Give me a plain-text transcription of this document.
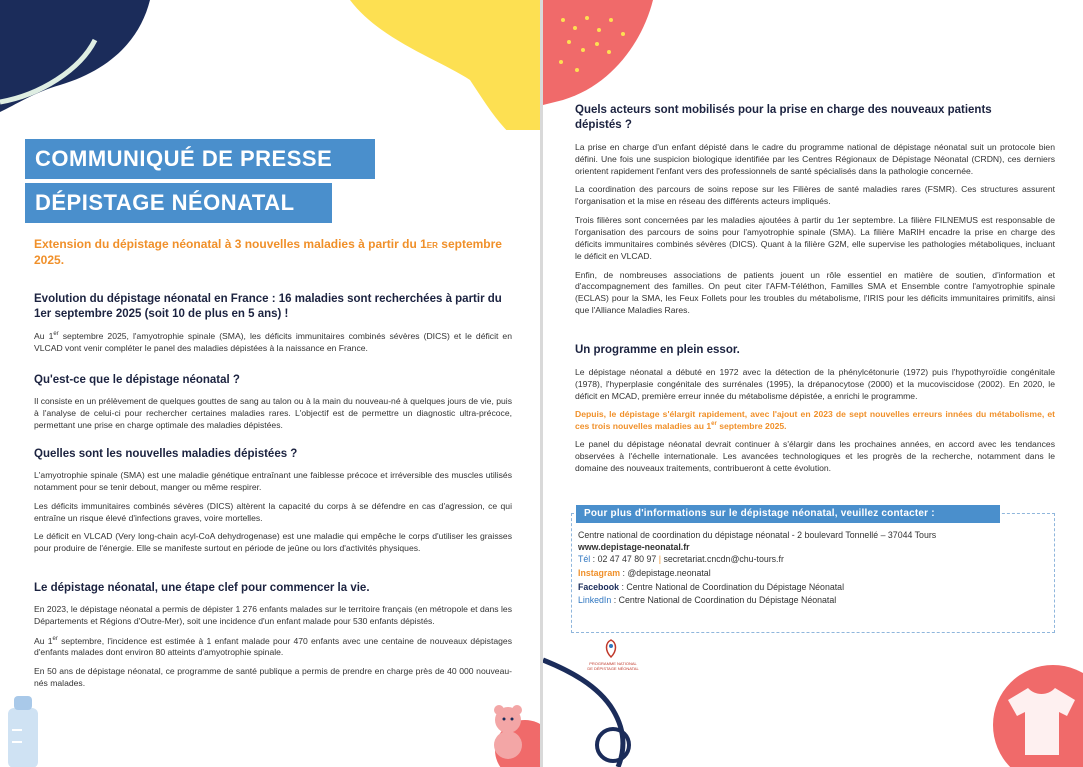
COMMUNIQUÉ DE PRESSE
DÉPISTAGE NÉONATAL
Extension du dépistage néonatal à 3 nouvelles maladies à partir du 1ER septembre 2025.
Evolution du dépistage néonatal en France : 16 maladies sont recherchées à partir du 1er septembre 2025 (soit 10 de plus en 5 ans) !

Au 1er septembre 2025, l'amyotrophie spinale (SMA), les déficits immunitaires combinés sévères (DICS) et le déficit en VLCAD vont venir compléter le panel des maladies dépistées à la naissance en France.

Qu'est-ce que le dépistage néonatal ?

Il consiste en un prélèvement de quelques gouttes de sang au talon ou à la main du nouveau-né à quelques jours de vie, puis à l'analyse de celui-ci pour rechercher certaines maladies rares. L'objectif est de permettre un diagnostic ultra-précoce, permettant une prise en charge optimale des maladies dépistées.

Quelles sont les nouvelles maladies dépistées ?

L'amyotrophie spinale (SMA) est une maladie génétique entraînant une faiblesse précoce et irréversible des muscles utilisés notamment pour se tenir debout, manger ou même respirer.

Les déficits immunitaires combinés sévères (DICS) altèrent la capacité du corps à se défendre en cas d'agression, ce qui entraîne un risque élevé d'infections graves, voire mortelles.

Le déficit en VLCAD (Very long-chain acyl-CoA dehydrogenase) est une maladie qui empêche le corps d'utiliser les graisses pour produire de l'énergie. Elle se manifeste surtout en période de jeûne ou lors d'activités physiques.

Le dépistage néonatal, une étape clef pour commencer la vie.

En 2023, le dépistage néonatal a permis de dépister 1 276 enfants malades sur le territoire français (en métropole et dans les Départements et Régions d'Outre-Mer), soit une incidence d'un enfant malade pour 530 enfants dépistés.

Au 1er septembre, l'incidence est estimée à 1 enfant malade pour 470 enfants avec une centaine de nouveaux dépistages d'enfants malades dont environ 80 atteints d'amyotrophie spinale.

En 50 ans de dépistage néonatal, ce programme de santé publique a permis de prendre en charge près de 40 000 nouveau-nés malades.

Quels acteurs sont mobilisés pour la prise en charge des nouveaux patients dépistés ?

La prise en charge d'un enfant dépisté dans le cadre du programme national de dépistage néonatal suit un protocole bien défini. Une fois une suspicion biologique identifiée par les Centres Régionaux de Dépistage Néonatal (CRDN), ces derniers orientent rapidement l'enfant vers des professionnels de santé spécialisés dans la pathologie concernée.

La coordination des parcours de soins repose sur les Filières de santé maladies rares (FSMR). Ces structures assurent l'organisation et la mise en réseau des différents acteurs impliqués.

Trois filières sont concernées par les maladies ajoutées à partir du 1er septembre. La filière FILNEMUS est responsable de l'organisation des parcours de soins pour l'amyotrophie spinale (SMA). La filière MaRIH encadre la prise en charge des déficits immunitaires combinés sévères (DICS). Quant à la filière G2M, elle supervise les pathologies métaboliques, incluant le déficit en VLCAD.

Enfin, de nombreuses associations de patients jouent un rôle essentiel en matière de soutien, d'information et d'accompagnement des familles. On peut citer l'AFM-Téléthon, Familles SMA et Ensemble contre l'amyotrophie spinale (ECLAS) pour la SMA, les Feux Follets pour les troubles du métabolisme, l'IRIS pour les déficits immunitaires primitifs, ainsi que l'Alliance Maladies Rares.

Un programme en plein essor.

Le dépistage néonatal a débuté en 1972 avec la détection de la phénylcétonurie (1972) puis l'hypothyroïdie congénitale (1978), l'hyperplasie congénitale des surrénales (1995), la drépanocytose (2000) et la mucoviscidose (2002). En 2020, le déficit en MCAD, première erreur innée du métabolisme dépistée, a enrichi le programme.

Depuis, le dépistage s'élargit rapidement, avec l'ajout en 2023 de sept nouvelles erreurs innées du métabolisme, et ces trois nouvelles maladies au 1er septembre 2025.

Le panel du dépistage néonatal devrait continuer à s'élargir dans les prochaines années, en accord avec les tendances observées à l'échelle internationale. Les avancées technologiques et les progrès de la recherche, notamment dans le domaine des nouveaux traitements, contribueront à cette évolution.

Pour plus d'informations sur le dépistage néonatal, veuillez contacter :
Centre national de coordination du dépistage néonatal - 2 boulevard Tonnellé – 37044 Tours
www.depistage-neonatal.fr
Tél : 02 47 47 80 97 | secretariat.cncdn@chu-tours.fr
Instagram : @depistage.neonatal
Facebook : Centre National de Coordination du Dépistage Néonatal
LinkedIn : Centre National de Coordination du Dépistage Néonatal
PROGRAMME NATIONAL
DE DÉPISTAGE NÉONATAL
